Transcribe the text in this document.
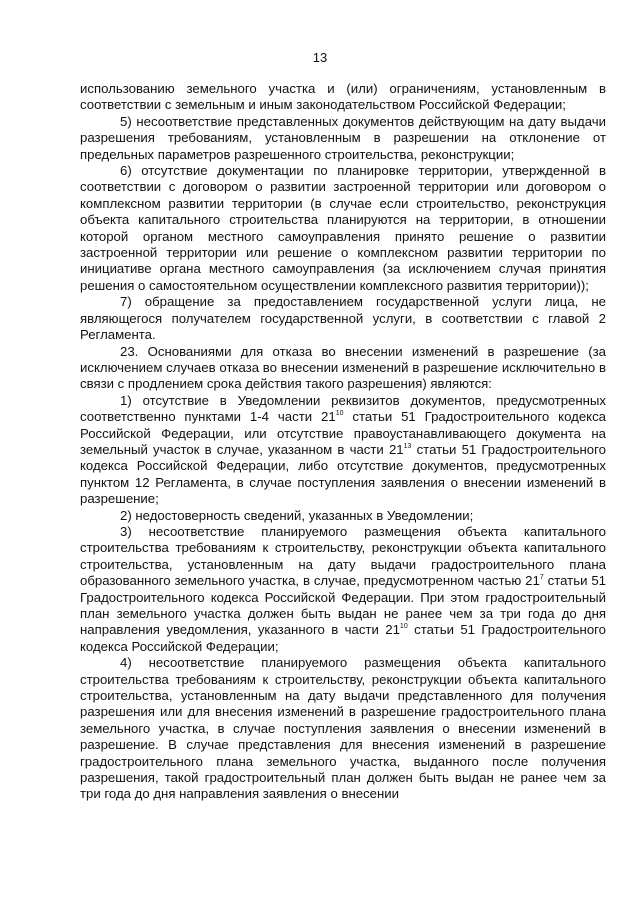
13

использованию земельного участка и (или) ограничениям, установленным в соответствии с земельным и иным законодательством Российской Федерации;

5) несоответствие представленных документов действующим на дату выдачи разрешения требованиям, установленным в разрешении на отклонение от предельных параметров разрешенного строительства, реконструкции;

6) отсутствие документации по планировке территории, утвержденной в соответствии с договором о развитии застроенной территории или договором о комплексном развитии территории (в случае если строительство, реконструкция объекта капитального строительства планируются на территории, в отношении которой органом местного самоуправления принято решение о развитии застроенной территории или решение о комплексном развитии территории по инициативе органа местного самоуправления (за исключением случая принятия решения о самостоятельном осуществлении комплексного развития территории));

7) обращение за предоставлением государственной услуги лица, не являющегося получателем государственной услуги, в соответствии с главой 2 Регламента.

23. Основаниями для отказа во внесении изменений в разрешение (за исключением случаев отказа во внесении изменений в разрешение исключительно в связи с продлением срока действия такого разрешения) являются:

1) отсутствие в Уведомлении реквизитов документов, предусмотренных соответственно пунктами 1-4 части $21^{10}$ статьи 51 Градостроительного кодекса Российской Федерации, или отсутствие правоустанавливающего документа на земельный участок в случае, указанном в части $21^{13}$ статьи 51 Градостроительного кодекса Российской Федерации, либо отсутствие документов, предусмотренных пунктом 12 Регламента, в случае поступления заявления о внесении изменений в разрешение;

2) недостоверность сведений, указанных в Уведомлении;

3) несоответствие планируемого размещения объекта капитального строительства требованиям к строительству, реконструкции объекта капитального строительства, установленным на дату выдачи градостроительного плана образованного земельного участка, в случае, предусмотренном частью $21^7$ статьи 51 Градостроительного кодекса Российской Федерации. При этом градостроительный план земельного участка должен быть выдан не ранее чем за три года до дня направления уведомления, указанного в части $21^{10}$ статьи 51 Градостроительного кодекса Российской Федерации;

4) несоответствие планируемого размещения объекта капитального строительства требованиям к строительству, реконструкции объекта капитального строительства, установленным на дату выдачи представленного для получения разрешения или для внесения изменений в разрешение градостроительного плана земельного участка, в случае поступления заявления о внесении изменений в разрешение. В случае представления для внесения изменений в разрешение градостроительного плана земельного участка, выданного после получения разрешения, такой градостроительный план должен быть выдан не ранее чем за три года до дня направления заявления о внесении
